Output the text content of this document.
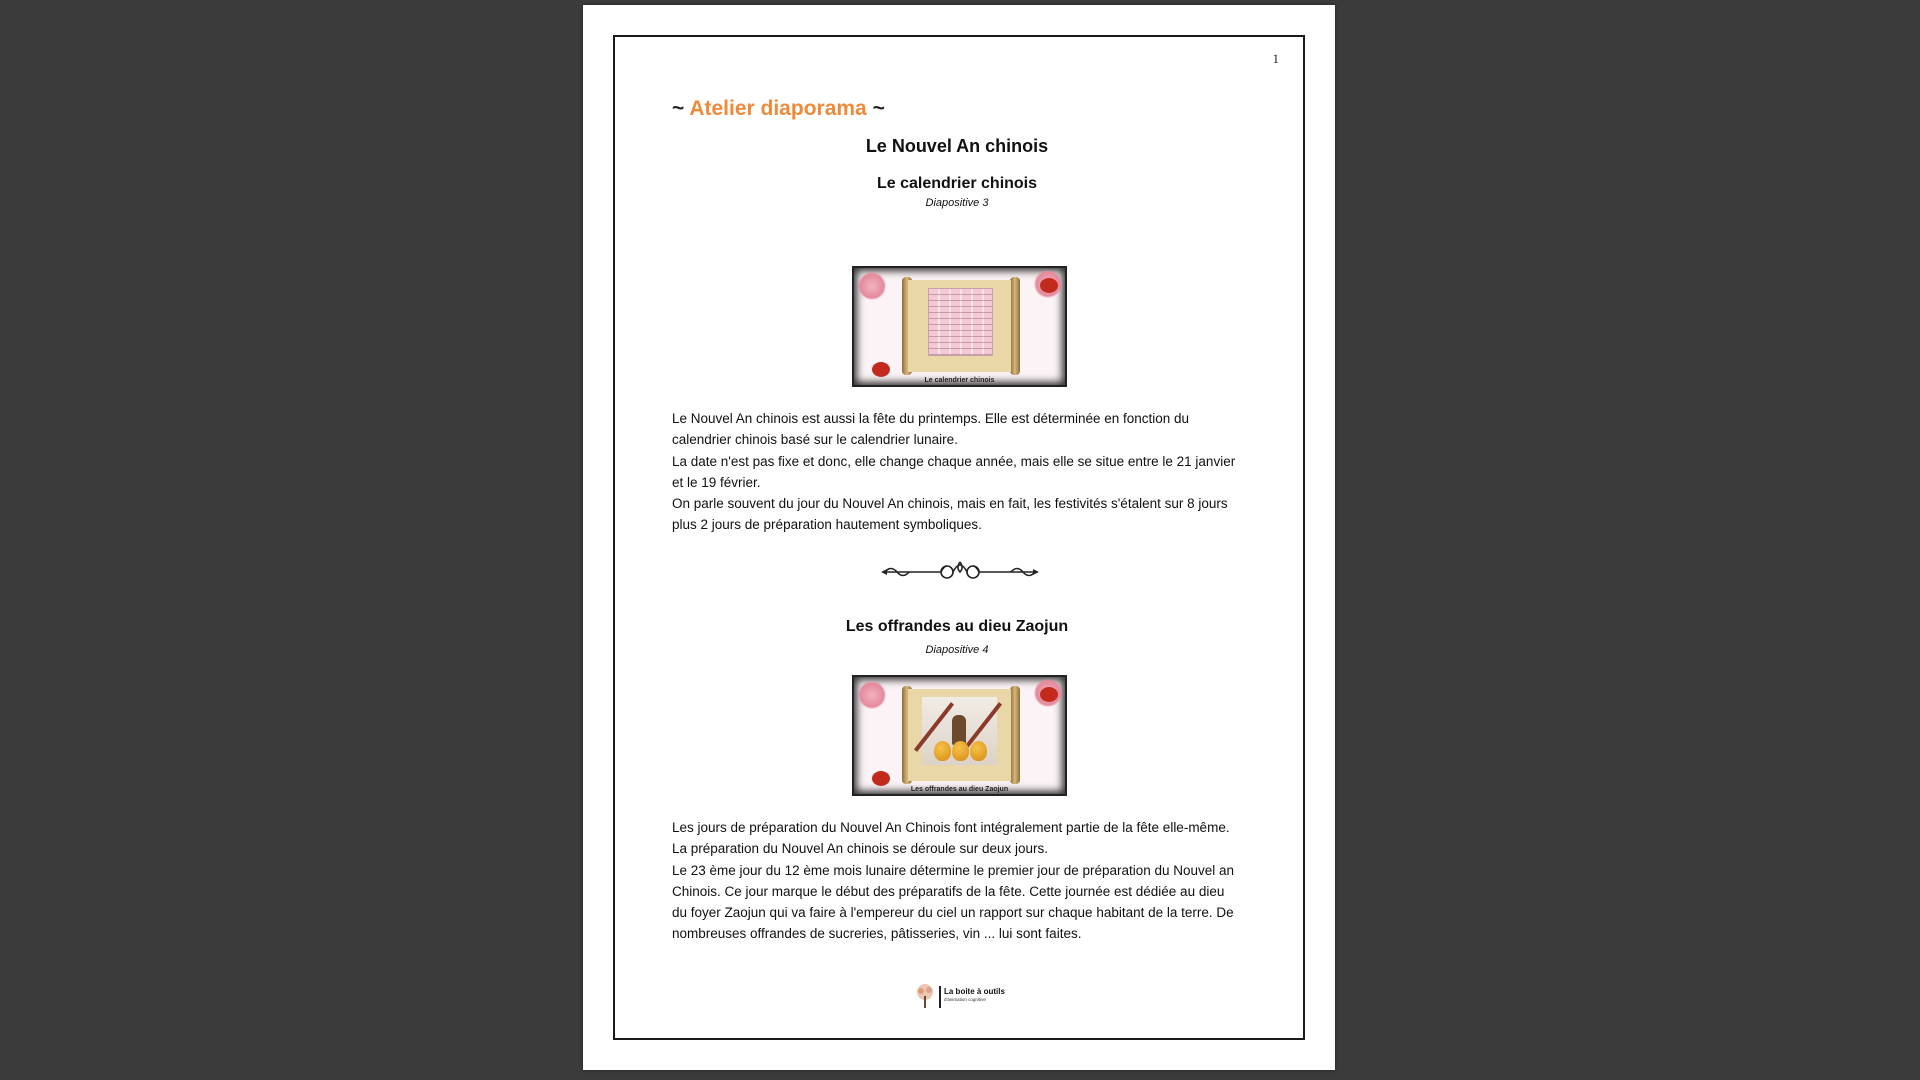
1
~ Atelier diaporama ~
Le Nouvel An chinois
Le calendrier chinois
Diapositive 3
Le calendrier chinois

Le Nouvel An chinois est aussi la fête du printemps. Elle est déterminée en fonction du calendrier chinois basé sur le calendrier lunaire.

La date n'est pas fixe et donc, elle change chaque année, mais elle se situe entre le 21 janvier et le 19 février.

On parle souvent du jour du Nouvel An chinois, mais en fait, les festivités s'étalent sur 8 jours plus 2 jours de préparation hautement symboliques.

Les offrandes au dieu Zaojun
Diapositive 4
Les offrandes au dieu Zaojun

Les jours de préparation du Nouvel An Chinois font intégralement partie de la fête elle-même. La préparation du Nouvel An chinois se déroule sur deux jours.

Le 23 ème jour du 12 ème mois lunaire détermine le premier jour de préparation du Nouvel an Chinois. Ce jour marque le début des préparatifs de la fête. Cette journée est dédiée au dieu du foyer Zaojun qui va faire à l'empereur du ciel un rapport sur chaque habitant de la terre. De nombreuses offrandes de sucreries, pâtisseries, vin ... lui sont faites.

La boite à outils
d'animation cognitive
